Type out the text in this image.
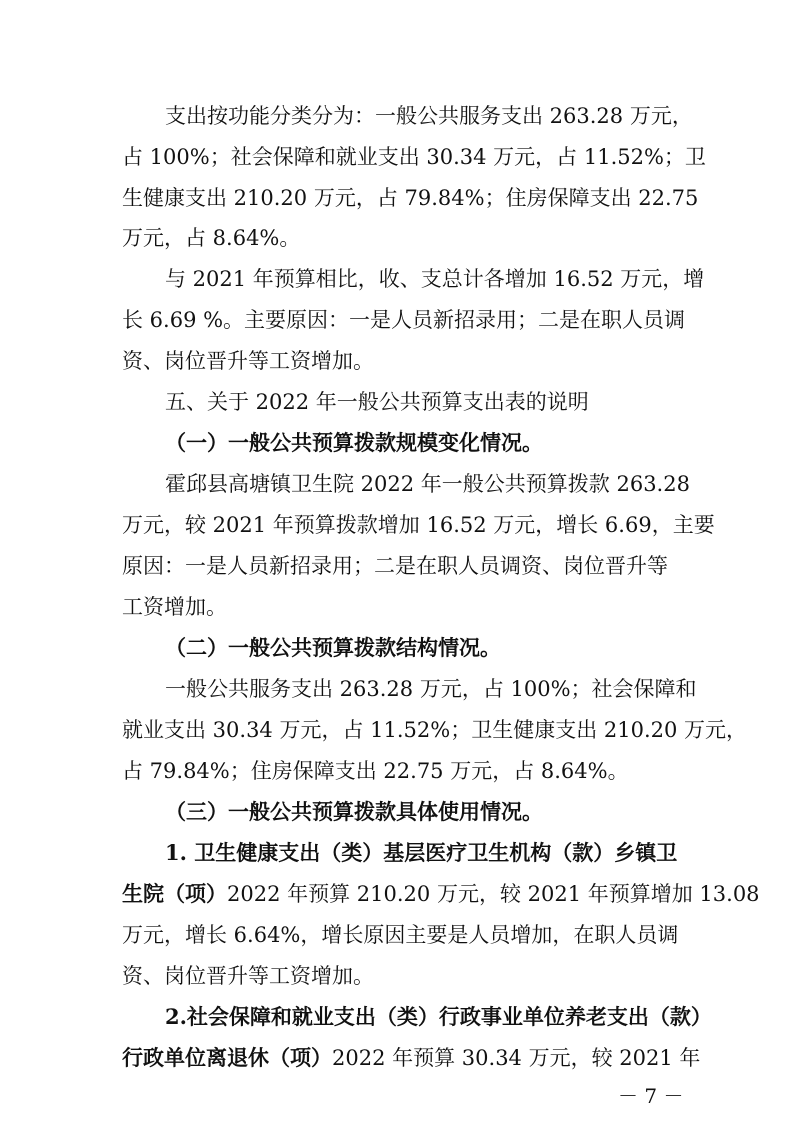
支出按功能分类分为：一般公共服务支出 263.28 万元，
占 100%；社会保障和就业支出 30.34 万元，占 11.52%；卫
生健康支出 210.20 万元，占 79.84%；住房保障支出 22.75
万元，占 8.64%。
与 2021 年预算相比，收、支总计各增加 16.52 万元，增
长 6.69 %。主要原因：一是人员新招录用；二是在职人员调
资、岗位晋升等工资增加。
五、关于 2022 年一般公共预算支出表的说明
（一）一般公共预算拨款规模变化情况。
霍邱县高塘镇卫生院 2022 年一般公共预算拨款 263.28
万元，较 2021 年预算拨款增加 16.52 万元，增长 6.69，主要
原因：一是人员新招录用；二是在职人员调资、岗位晋升等
工资增加。
（二）一般公共预算拨款结构情况。
一般公共服务支出 263.28 万元，占 100%；社会保障和
就业支出 30.34 万元，占 11.52%；卫生健康支出 210.20 万元，
占 79.84%；住房保障支出 22.75 万元，占 8.64%。
（三）一般公共预算拨款具体使用情况。
1. 卫生健康支出（类）基层医疗卫生机构（款）乡镇卫
生院（项）2022 年预算 210.20 万元，较 2021 年预算增加 13.08
万元，增长 6.64%，增长原因主要是人员增加，在职人员调
资、岗位晋升等工资增加。
2.社会保障和就业支出（类）行政事业单位养老支出（款）
行政单位离退休（项）2022 年预算 30.34 万元，较 2021 年
－ 7 －
